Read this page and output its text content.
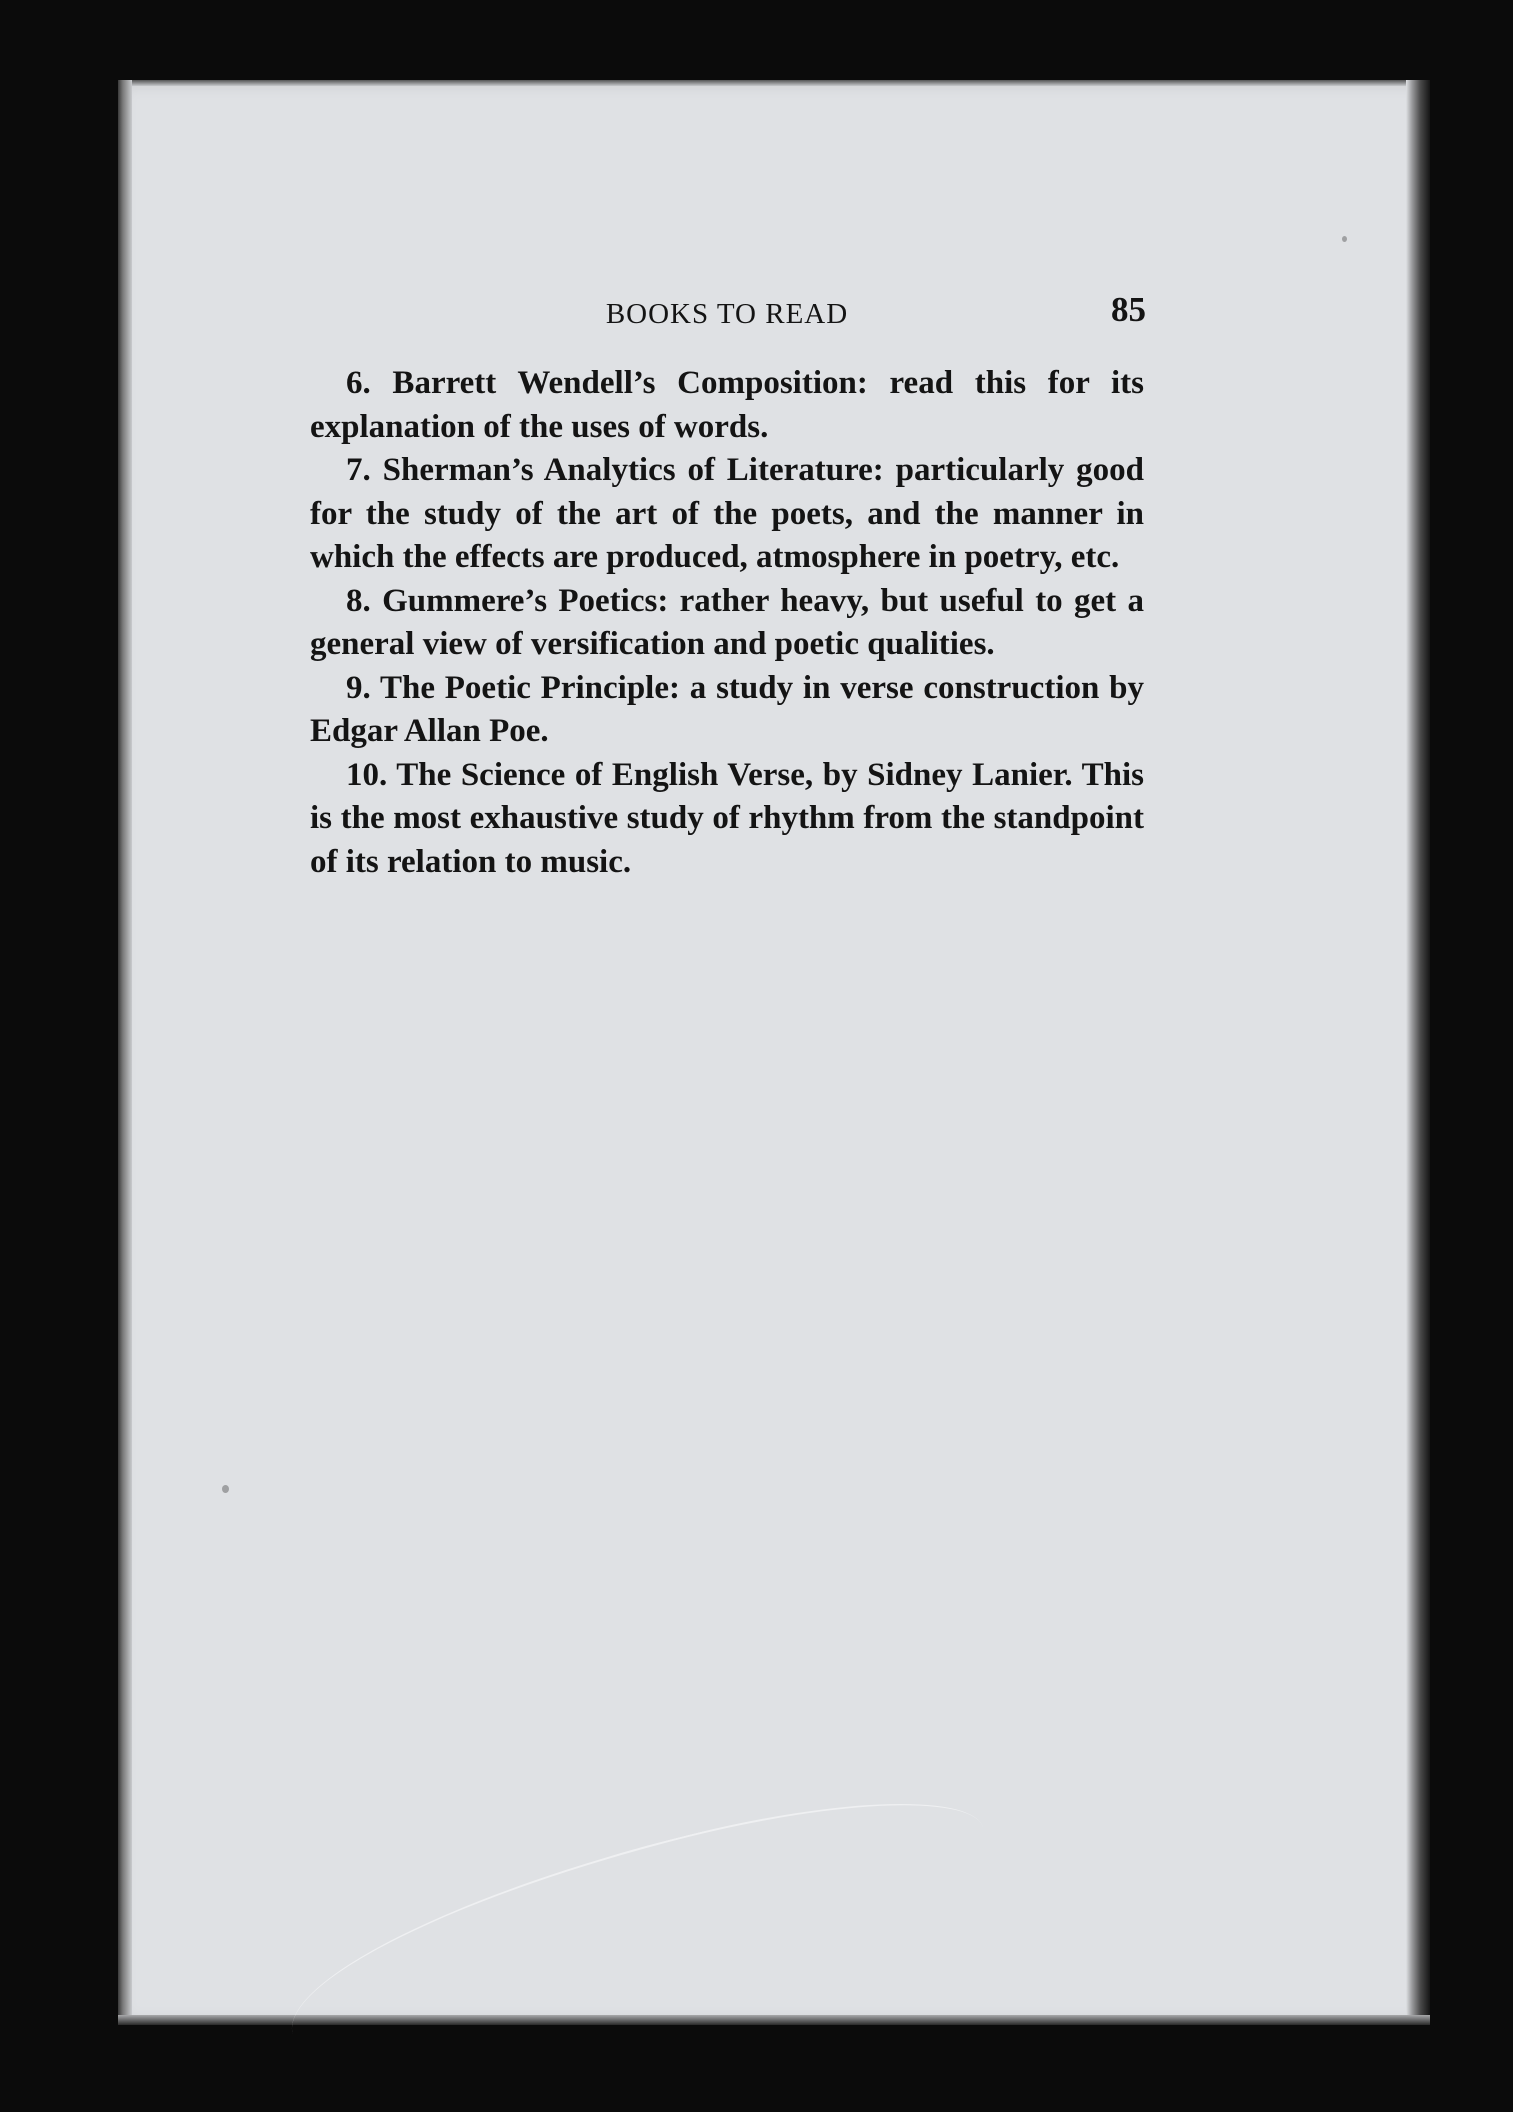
BOOKS TO READ	85

6. Barrett Wendell’s Composition: read this for its explanation of the uses of words.

7. Sherman’s Analytics of Literature: particularly good for the study of the art of the poets, and the manner in which the effects are produced, atmosphere in poetry, etc.

8. Gummere’s Poetics: rather heavy, but useful to get a general view of versification and poetic qualities.

9. The Poetic Principle: a study in verse construction by Edgar Allan Poe.

10. The Science of English Verse, by Sidney Lanier. This is the most exhaustive study of rhythm from the standpoint of its relation to music.
